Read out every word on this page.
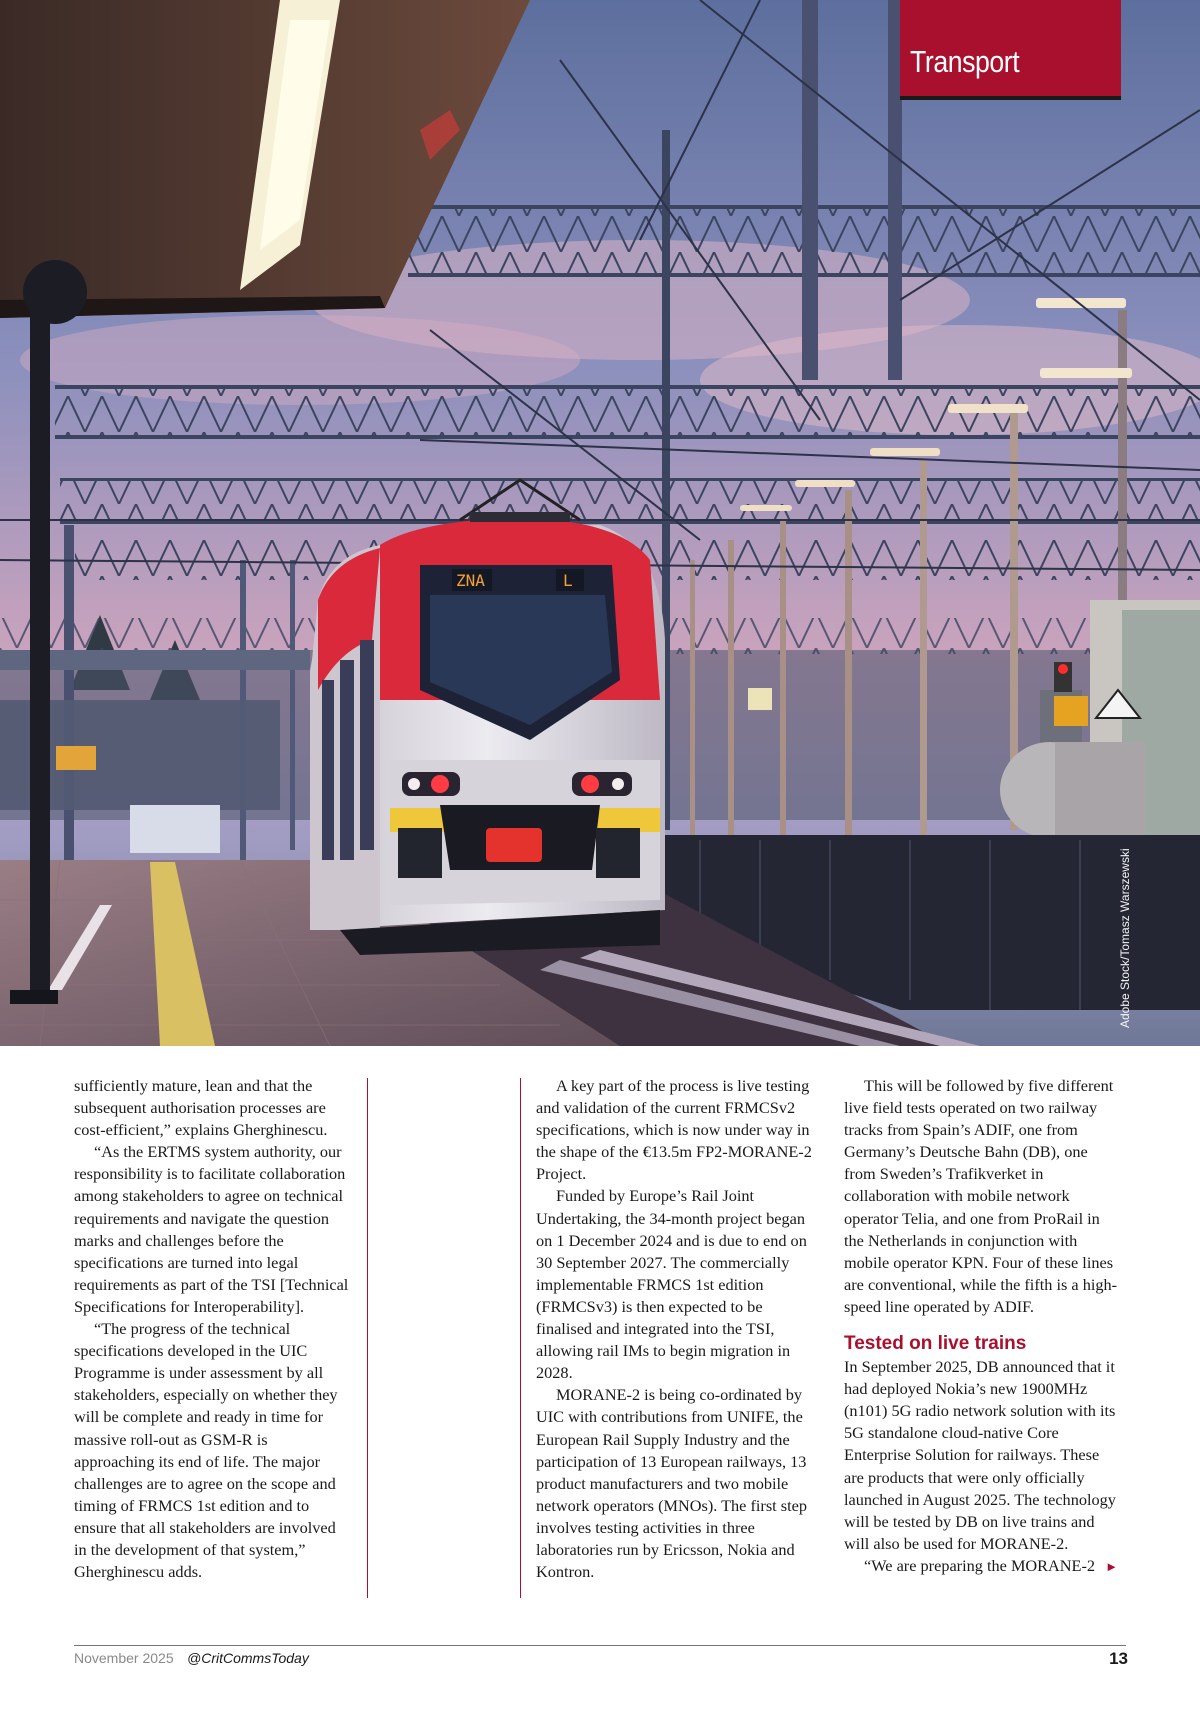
ZNA	L
Transport
Adobe Stock/Tomasz Warszewski

sufficiently mature, lean and that the subsequent authorisation processes are cost-efficient,” explains Gherghinescu.

“As the ERTMS system authority, our responsibility is to facilitate collaboration among stakeholders to agree on technical requirements and navigate the question marks and challenges before the specifications are turned into legal requirements as part of the TSI [Technical Specifications for Interoperability].

“The progress of the technical specifications developed in the UIC Programme is under assessment by all stakeholders, especially on whether they will be complete and ready in time for massive roll-out as GSM-R is approaching its end of life. The major challenges are to agree on the scope and timing of FRMCS 1st edition and to ensure that all stakeholders are involved in the development of that system,” Gherghinescu adds.

A key part of the process is live testing and validation of the current FRMCSv2 specifications, which is now under way in the shape of the €13.5m FP2-MORANE-2 Project.

Funded by Europe’s Rail Joint Undertaking, the 34-month project began on 1 December 2024 and is due to end on 30 September 2027. The commercially implementable FRMCS 1st edition (FRMCSv3) is then expected to be finalised and integrated into the TSI, allowing rail IMs to begin migration in 2028.

MORANE-2 is being co-ordinated by UIC with contributions from UNIFE, the European Rail Supply Industry and the participation of 13 European railways, 13 product manufacturers and two mobile network operators (MNOs). The first step involves testing activities in three laboratories run by Ericsson, Nokia and Kontron.

This will be followed by five different live field tests operated on two railway tracks from Spain’s ADIF, one from Germany’s Deutsche Bahn (DB), one from Sweden’s Trafikverket in collaboration with mobile network operator Telia, and one from ProRail in the Netherlands in conjunction with mobile operator KPN. Four of these lines are conventional, while the fifth is a high-speed line operated by ADIF.

Tested on live trains

In September 2025, DB announced that it had deployed Nokia’s new 1900MHz (n101) 5G radio network solution with its 5G standalone cloud-native Core Enterprise Solution for railways. These are products that were only officially launched in August 2025. The technology will be tested by DB on live trains and will also be used for MORANE-2.

“We are preparing the MORANE-2 ►

November 2025 @CritCommsToday	13
